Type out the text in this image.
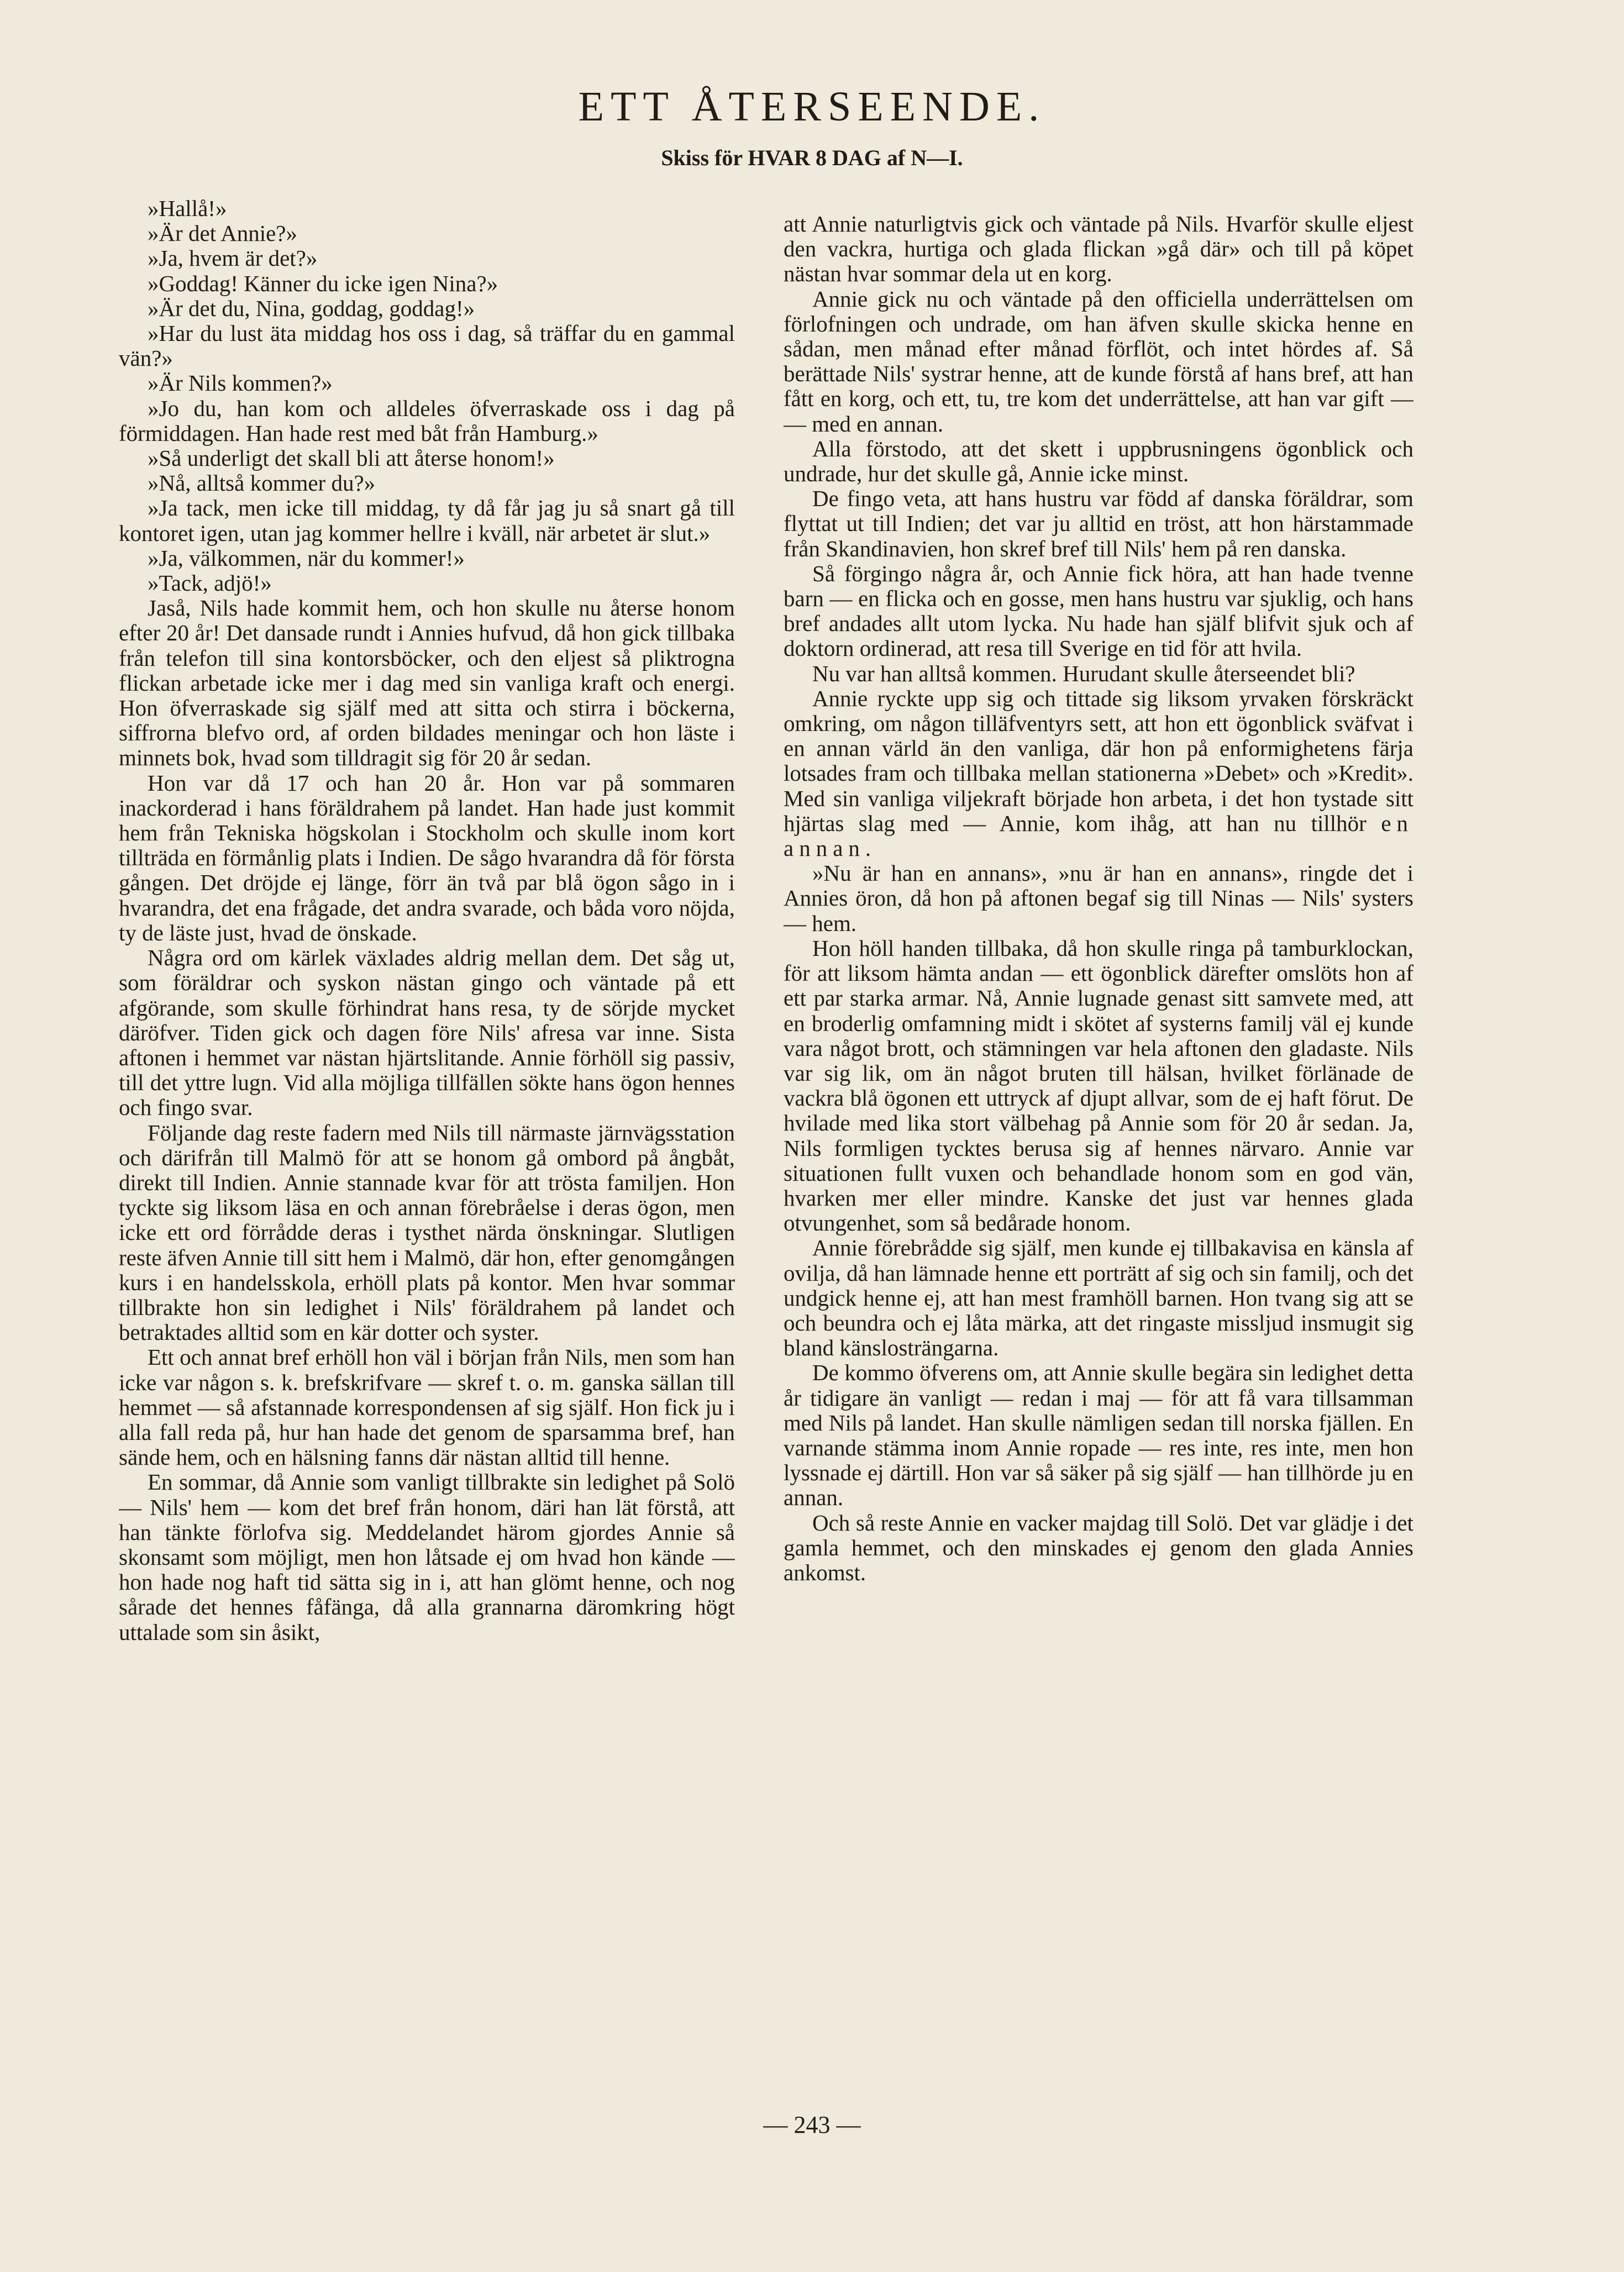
ETT ÅTERSEENDE.
Skiss för HVAR 8 DAG af N—I.

»Hallå!»

»Är det Annie?»

»Ja, hvem är det?»

»Goddag! Känner du icke igen Nina?»

»Är det du, Nina, goddag, goddag!»

»Har du lust äta middag hos oss i dag, så träffar du en gammal vän?»

»Är Nils kommen?»

»Jo du, han kom och alldeles öfverraskade oss i dag på förmiddagen. Han hade rest med båt från Hamburg.»

»Så underligt det skall bli att återse honom!»

»Nå, alltså kommer du?»

»Ja tack, men icke till middag, ty då får jag ju så snart gå till kontoret igen, utan jag kommer hellre i kväll, när arbetet är slut.»

»Ja, välkommen, när du kommer!»

»Tack, adjö!»

Jaså, Nils hade kommit hem, och hon skulle nu återse honom efter 20 år! Det dansade rundt i Annies hufvud, då hon gick tillbaka från telefon till sina kontorsböcker, och den eljest så pliktrogna flickan arbetade icke mer i dag med sin vanliga kraft och energi. Hon öfverraskade sig själf med att sitta och stirra i böckerna, siffrorna blefvo ord, af orden bildades meningar och hon läste i minnets bok, hvad som tilldragit sig för 20 år sedan.

Hon var då 17 och han 20 år. Hon var på sommaren inackorderad i hans föräldrahem på landet. Han hade just kommit hem från Tekniska högskolan i Stockholm och skulle inom kort tillträda en förmånlig plats i Indien. De sågo hvarandra då för första gången. Det dröjde ej länge, förr än två par blå ögon sågo in i hvarandra, det ena frågade, det andra svarade, och båda voro nöjda, ty de läste just, hvad de önskade.

Några ord om kärlek växlades aldrig mellan dem. Det såg ut, som föräldrar och syskon nästan gingo och väntade på ett afgörande, som skulle förhindrat hans resa, ty de sörjde mycket däröfver. Tiden gick och dagen före Nils' afresa var inne. Sista aftonen i hemmet var nästan hjärtslitande. Annie förhöll sig passiv, till det yttre lugn. Vid alla möjliga tillfällen sökte hans ögon hennes och fingo svar.

Följande dag reste fadern med Nils till närmaste järnvägsstation och därifrån till Malmö för att se honom gå ombord på ångbåt, direkt till Indien. Annie stannade kvar för att trösta familjen. Hon tyckte sig liksom läsa en och annan förebråelse i deras ögon, men icke ett ord förrådde deras i tysthet närda önskningar. Slutligen reste äfven Annie till sitt hem i Malmö, där hon, efter genomgången kurs i en handelsskola, erhöll plats på kontor. Men hvar sommar tillbrakte hon sin ledighet i Nils' föräldrahem på landet och betraktades alltid som en kär dotter och syster.

Ett och annat bref erhöll hon väl i början från Nils, men som han icke var någon s. k. brefskrifvare — skref t. o. m. ganska sällan till hemmet — så afstannade korrespondensen af sig själf. Hon fick ju i alla fall reda på, hur han hade det genom de sparsamma bref, han sände hem, och en hälsning fanns där nästan alltid till henne.

En sommar, då Annie som vanligt tillbrakte sin ledighet på Solö — Nils' hem — kom det bref från honom, däri han lät förstå, att han tänkte förlofva sig. Meddelandet härom gjordes Annie så skonsamt som möjligt, men hon låtsade ej om hvad hon kände — hon hade nog haft tid sätta sig in i, att han glömt henne, och nog sårade det hennes fåfänga, då alla grannarna däromkring högt uttalade som sin åsikt,

att Annie naturligtvis gick och väntade på Nils. Hvarför skulle eljest den vackra, hurtiga och glada flickan »gå där» och till på köpet nästan hvar sommar dela ut en korg.

Annie gick nu och väntade på den officiella underrättelsen om förlofningen och undrade, om han äfven skulle skicka henne en sådan, men månad efter månad förflöt, och intet hördes af. Så berättade Nils' systrar henne, att de kunde förstå af hans bref, att han fått en korg, och ett, tu, tre kom det underrättelse, att han var gift — — med en annan.

Alla förstodo, att det skett i uppbrusningens ögonblick och undrade, hur det skulle gå, Annie icke minst.

De fingo veta, att hans hustru var född af danska föräldrar, som flyttat ut till Indien; det var ju alltid en tröst, att hon härstammade från Skandinavien, hon skref bref till Nils' hem på ren danska.

Så förgingo några år, och Annie fick höra, att han hade tvenne barn — en flicka och en gosse, men hans hustru var sjuklig, och hans bref andades allt utom lycka. Nu hade han själf blifvit sjuk och af doktorn ordinerad, att resa till Sverige en tid för att hvila.

Nu var han alltså kommen. Hurudant skulle återseendet bli?

Annie ryckte upp sig och tittade sig liksom yrvaken förskräckt omkring, om någon tilläfventyrs sett, att hon ett ögonblick sväfvat i en annan värld än den vanliga, där hon på enformighetens färja lotsades fram och tillbaka mellan stationerna »Debet» och »Kredit». Med sin vanliga viljekraft började hon arbeta, i det hon tystade sitt hjärtas slag med — Annie, kom ihåg, att han nu tillhör en annan.

»Nu är han en annans», »nu är han en annans», ringde det i Annies öron, då hon på aftonen begaf sig till Ninas — Nils' systers — hem.

Hon höll handen tillbaka, då hon skulle ringa på tamburklockan, för att liksom hämta andan — ett ögonblick därefter omslöts hon af ett par starka armar. Nå, Annie lugnade genast sitt samvete med, att en broderlig omfamning midt i skötet af systerns familj väl ej kunde vara något brott, och stämningen var hela aftonen den gladaste. Nils var sig lik, om än något bruten till hälsan, hvilket förlänade de vackra blå ögonen ett uttryck af djupt allvar, som de ej haft förut. De hvilade med lika stort välbehag på Annie som för 20 år sedan. Ja, Nils formligen tycktes berusa sig af hennes närvaro. Annie var situationen fullt vuxen och behandlade honom som en god vän, hvarken mer eller mindre. Kanske det just var hennes glada otvungenhet, som så bedårade honom.

Annie förebrådde sig själf, men kunde ej tillbakavisa en känsla af ovilja, då han lämnade henne ett porträtt af sig och sin familj, och det undgick henne ej, att han mest framhöll barnen. Hon tvang sig att se och beundra och ej låta märka, att det ringaste missljud insmugit sig bland känslosträngarna.

De kommo öfverens om, att Annie skulle begära sin ledighet detta år tidigare än vanligt — redan i maj — för att få vara tillsamman med Nils på landet. Han skulle nämligen sedan till norska fjällen. En varnande stämma inom Annie ropade — res inte, res inte, men hon lyssnade ej därtill. Hon var så säker på sig själf — han tillhörde ju en annan.

Och så reste Annie en vacker majdag till Solö. Det var glädje i det gamla hemmet, och den minskades ej genom den glada Annies ankomst.

— 243 —
